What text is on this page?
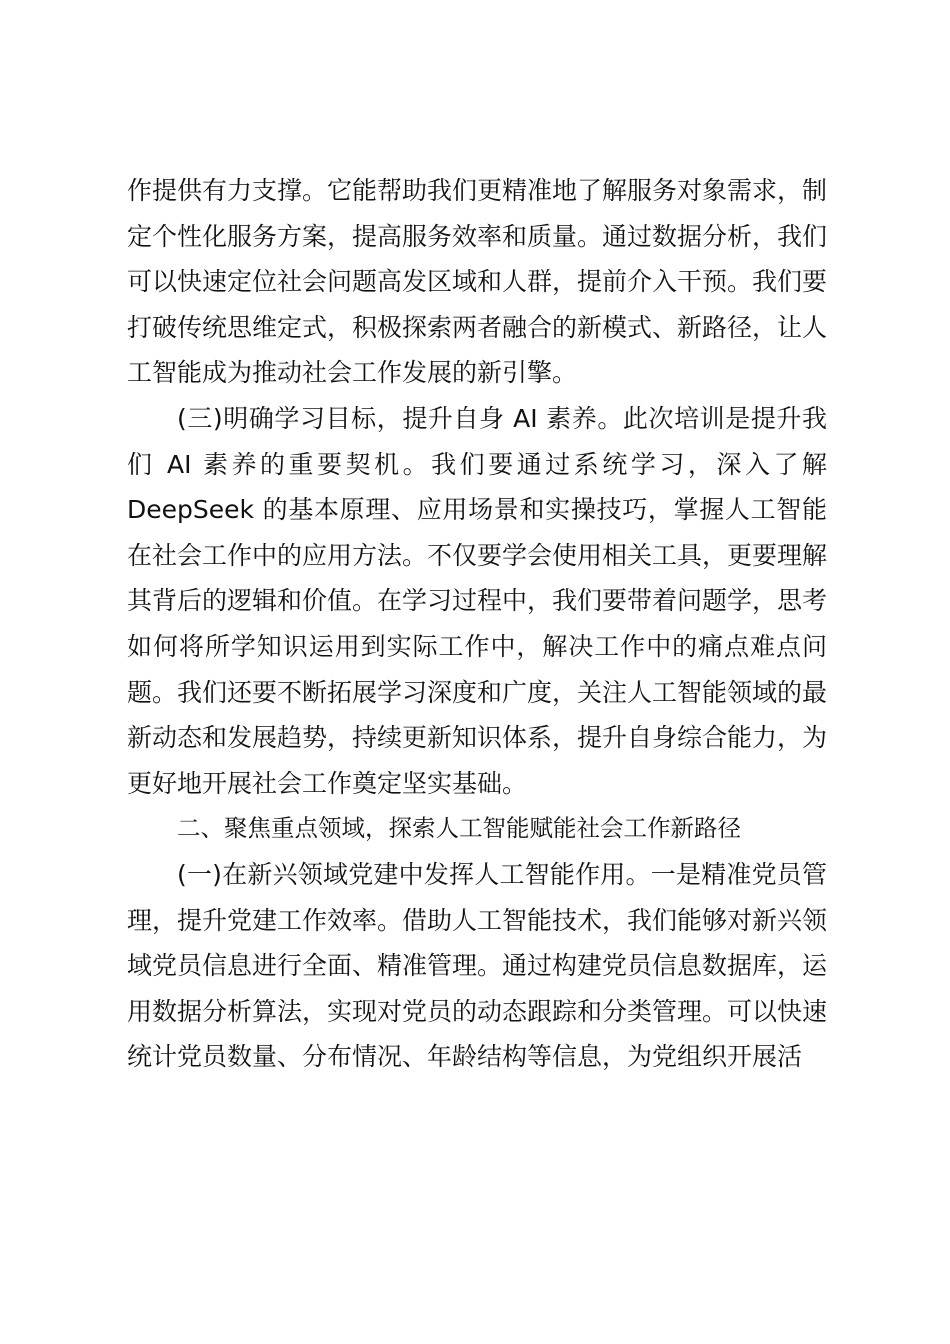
作提供有力支撑。它能帮助我们更精准地了解服务对象需求，制定个性化服务方案，提高服务效率和质量。通过数据分析，我们可以快速定位社会问题高发区域和人群，提前介入干预。我们要打破传统思维定式，积极探索两者融合的新模式、新路径，让人工智能成为推动社会工作发展的新引擎。

(三)明确学习目标，提升自身 AI 素养。此次培训是提升我们 AI 素养的重要契机。我们要通过系统学习，深入了解 DeepSeek 的基本原理、应用场景和实操技巧，掌握人工智能在社会工作中的应用方法。不仅要学会使用相关工具，更要理解其背后的逻辑和价值。在学习过程中，我们要带着问题学，思考如何将所学知识运用到实际工作中，解决工作中的痛点难点问题。我们还要不断拓展学习深度和广度，关注人工智能领域的最新动态和发展趋势，持续更新知识体系，提升自身综合能力，为更好地开展社会工作奠定坚实基础。

二、聚焦重点领域，探索人工智能赋能社会工作新路径

(一)在新兴领域党建中发挥人工智能作用。一是精准党员管理，提升党建工作效率。借助人工智能技术，我们能够对新兴领域党员信息进行全面、精准管理。通过构建党员信息数据库，运用数据分析算法，实现对党员的动态跟踪和分类管理。可以快速统计党员数量、分布情况、年龄结构等信息，为党组织开展活
